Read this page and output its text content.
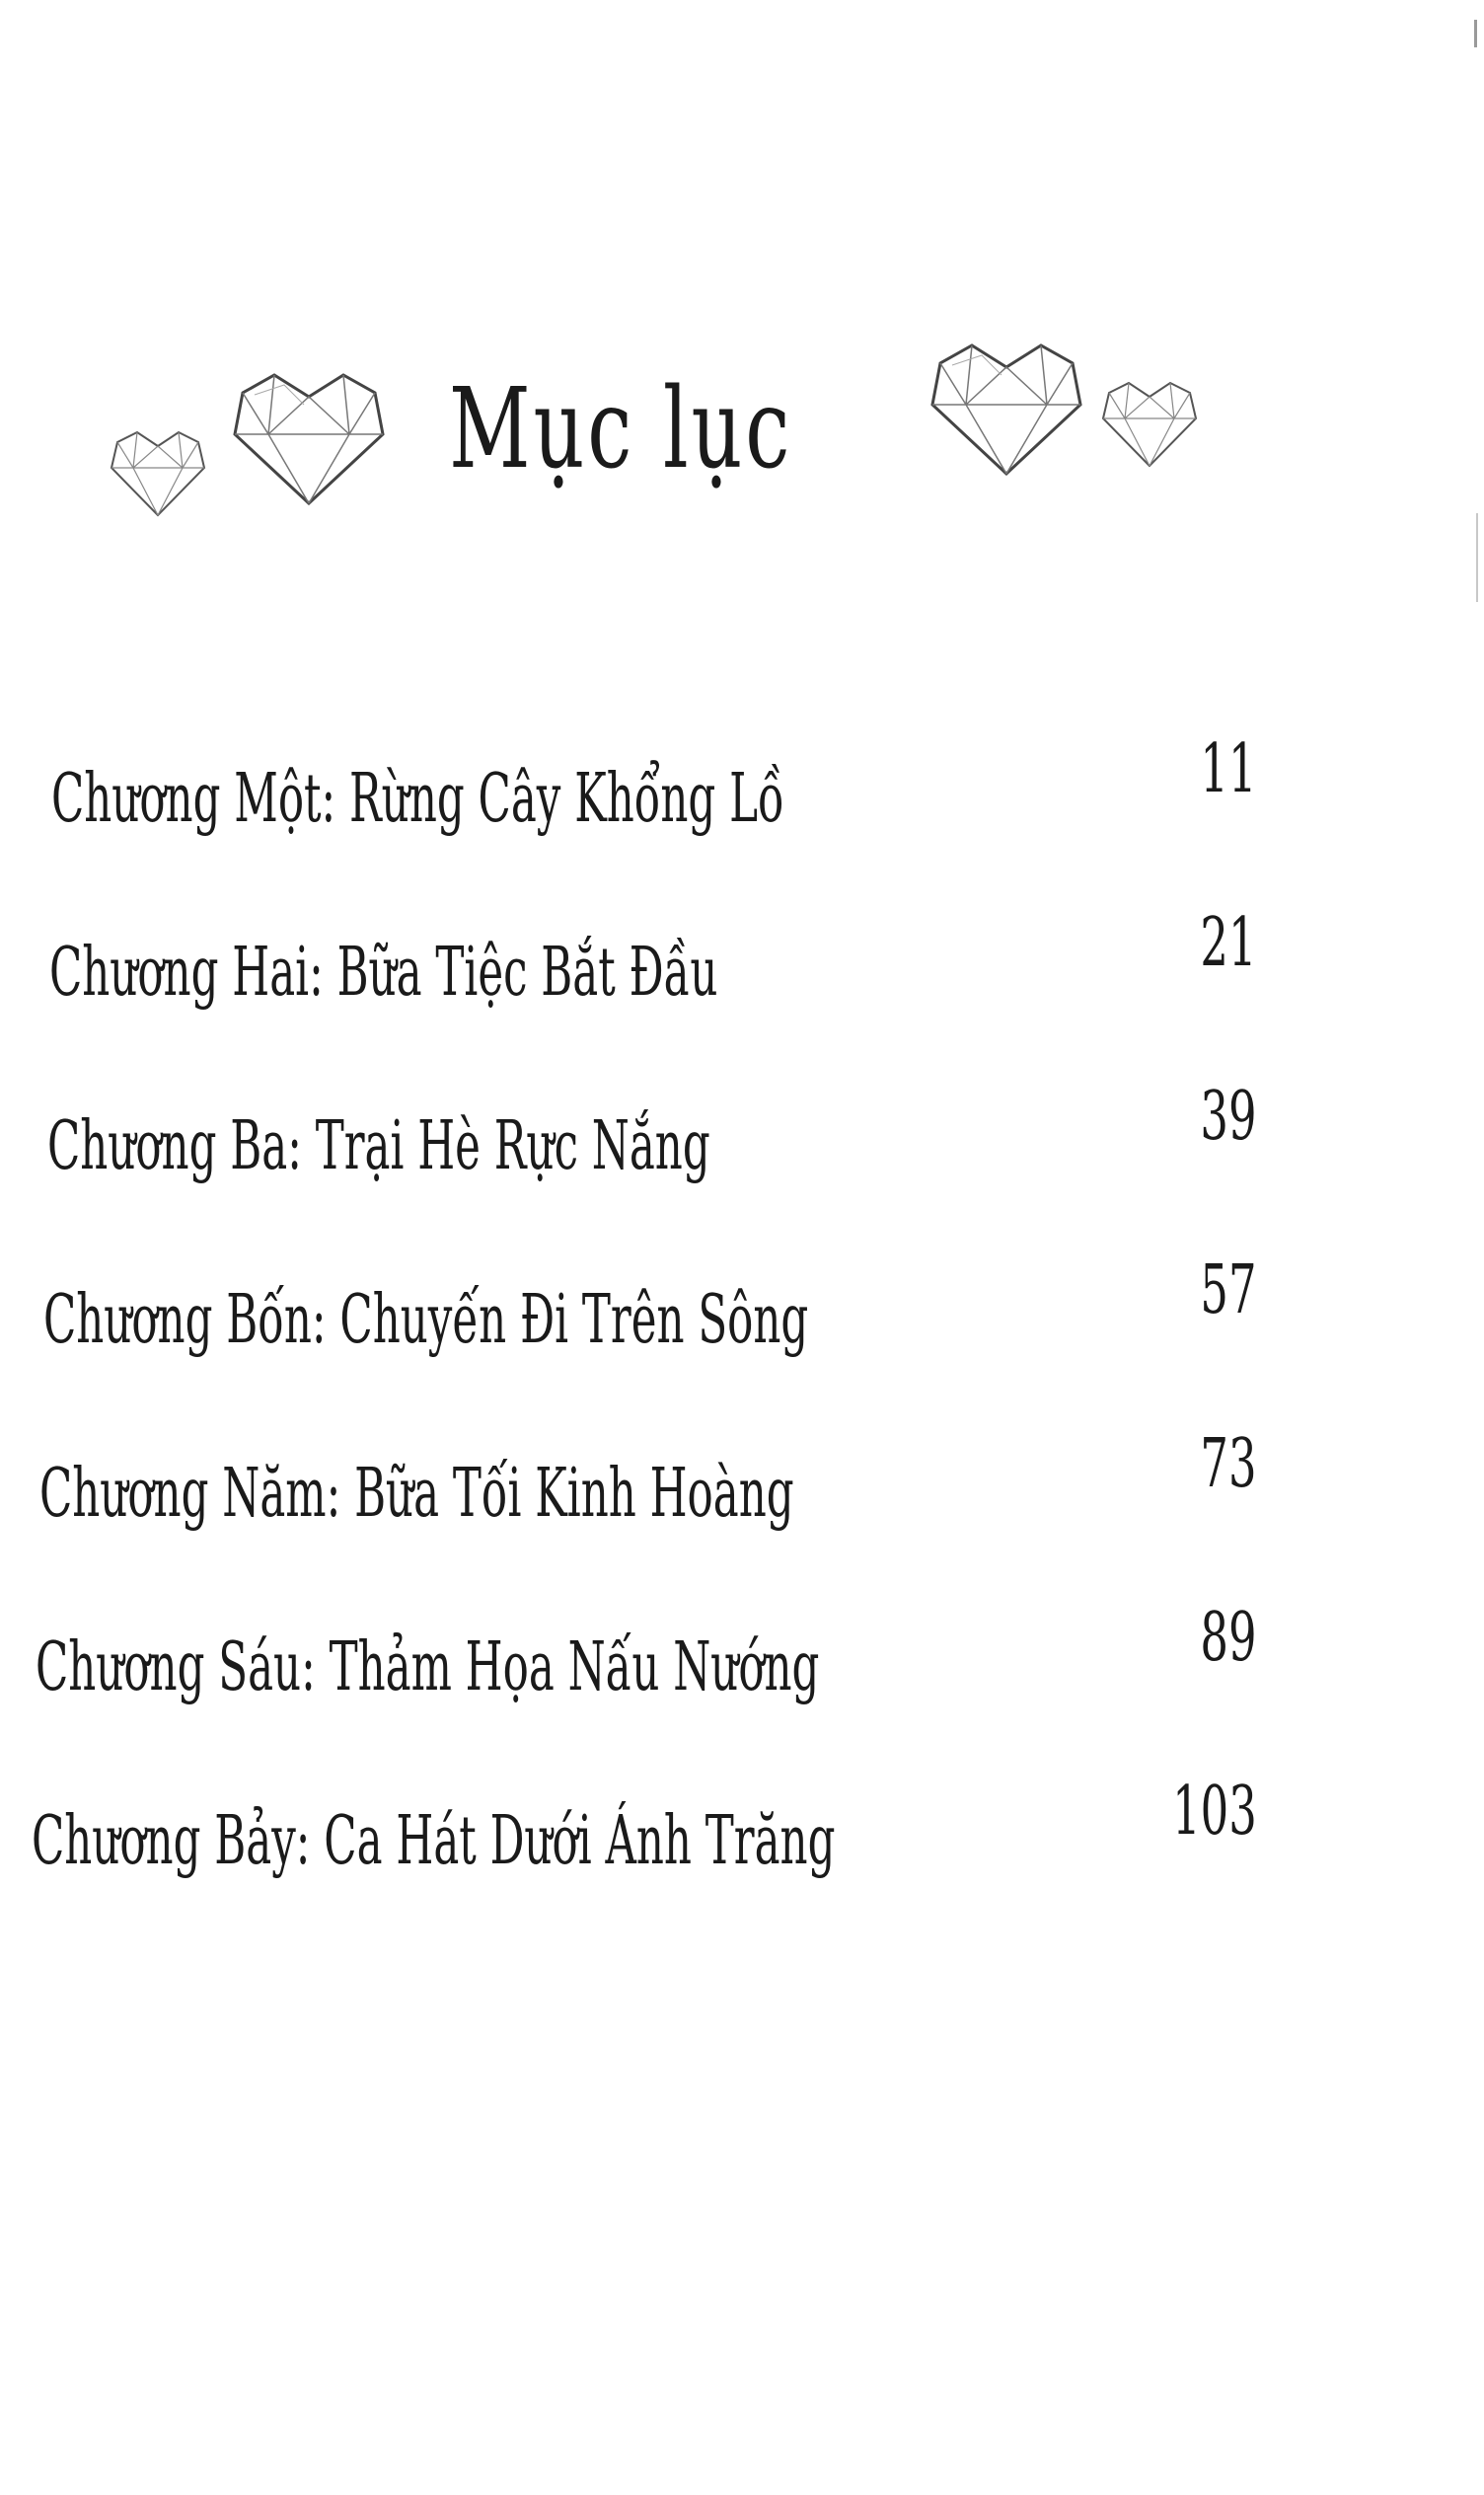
Mục lục
Chương Một: Rừng Cây Khổng Lồ	11
Chương Hai: Bữa Tiệc Bắt Đầu	21
Chương Ba: Trại Hè Rực Nắng	39
Chương Bốn: Chuyến Đi Trên Sông	57
Chương Năm: Bữa Tối Kinh Hoàng	73
Chương Sáu: Thảm Họa Nấu Nướng	89
Chương Bảy: Ca Hát Dưới Ánh Trăng	103
